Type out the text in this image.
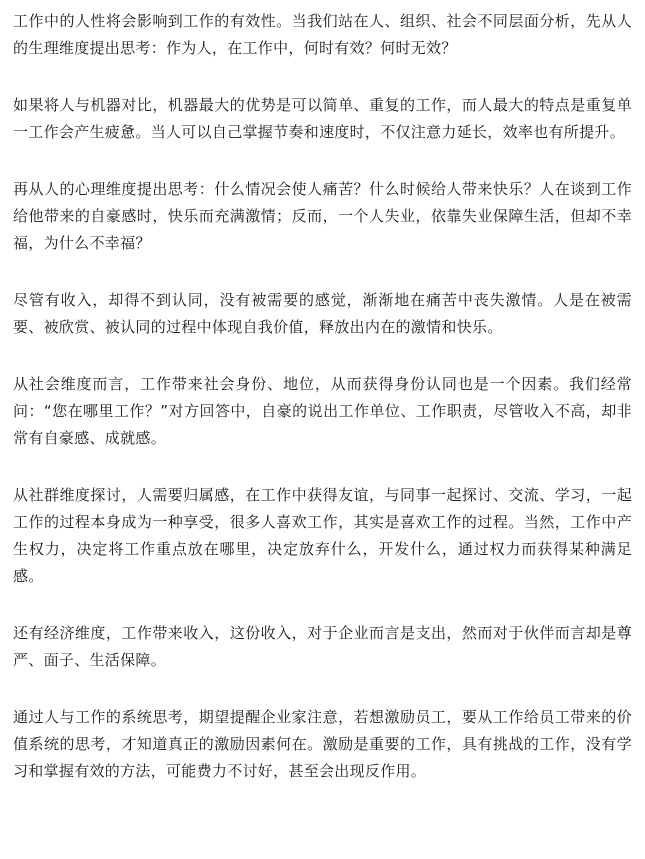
工作中的人性将会影响到工作的有效性。当我们站在人、组织、社会不同层面分析，先从人的生理维度提出思考：作为人，在工作中，何时有效？何时无效？

如果将人与机器对比，机器最大的优势是可以简单、重复的工作，而人最大的特点是重复单一工作会产生疲惫。当人可以自己掌握节奏和速度时，不仅注意力延长，效率也有所提升。

再从人的心理维度提出思考：什么情况会使人痛苦？什么时候给人带来快乐？人在谈到工作给他带来的自豪感时，快乐而充满激情；反而，一个人失业，依靠失业保障生活，但却不幸福，为什么不幸福？

尽管有收入，却得不到认同，没有被需要的感觉，渐渐地在痛苦中丧失激情。人是在被需要、被欣赏、被认同的过程中体现自我价值，释放出内在的激情和快乐。

从社会维度而言，工作带来社会身份、地位，从而获得身份认同也是一个因素。我们经常问：“您在哪里工作？”对方回答中，自豪的说出工作单位、工作职责，尽管收入不高，却非常有自豪感、成就感。

从社群维度探讨，人需要归属感，在工作中获得友谊，与同事一起探讨、交流、学习，一起工作的过程本身成为一种享受，很多人喜欢工作，其实是喜欢工作的过程。当然，工作中产生权力，决定将工作重点放在哪里，决定放弃什么，开发什么，通过权力而获得某种满足感。

还有经济维度，工作带来收入，这份收入，对于企业而言是支出，然而对于伙伴而言却是尊严、面子、生活保障。

通过人与工作的系统思考，期望提醒企业家注意，若想激励员工，要从工作给员工带来的价值系统的思考，才知道真正的激励因素何在。激励是重要的工作，具有挑战的工作，没有学习和掌握有效的方法，可能费力不讨好，甚至会出现反作用。
